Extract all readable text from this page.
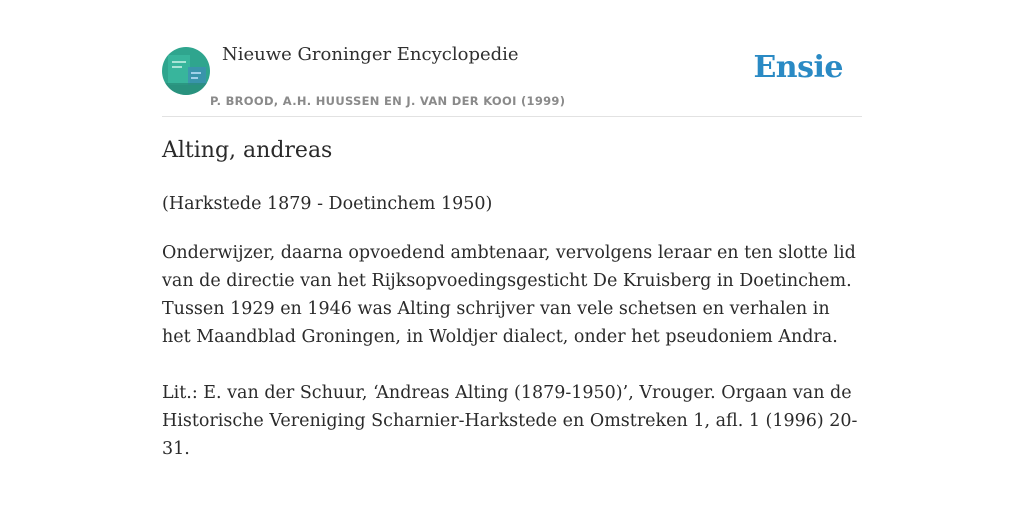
Nieuwe Groninger Encyclopedie
P. BROOD, A.H. HUUSSEN EN J. VAN DER KOOI (1999)
Ensie
Alting, andreas
(Harkstede 1879 - Doetinchem 1950)

Onderwijzer, daarna opvoedend ambtenaar, vervolgens leraar en ten slotte lid van de directie van het Rijksopvoedingsgesticht De Kruisberg in Doetinchem. Tussen 1929 en 1946 was Alting schrijver van vele schetsen en verhalen in het Maandblad Groningen, in Woldjer dialect, onder het pseudoniem Andra.

Lit.: E. van der Schuur, ‘Andreas Alting (1879-1950)’, Vrouger. Orgaan van de Historische Vereniging Scharnier-Harkstede en Omstreken 1, afl. 1 (1996) 20-31.
